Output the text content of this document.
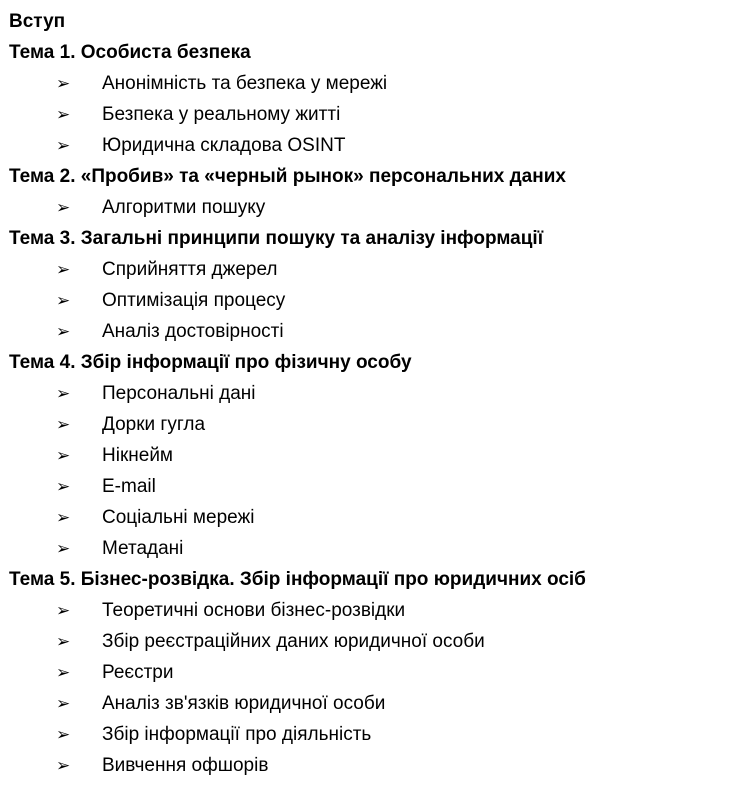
Вступ
Тема 1. Особиста безпека
➢ Анонімність та безпека у мережі
➢ Безпека у реальному житті
➢ Юридична складова OSINT
Тема 2. «Пробив» та «черный рынок» персональних даних
➢ Алгоритми пошуку
Тема 3. Загальні принципи пошуку та аналізу інформації
➢ Сприйняття джерел
➢ Оптимізація процесу
➢ Аналіз достовірності
Тема 4. Збір інформації про фізичну особу
➢ Персональні дані
➢ Дорки гугла
➢ Нікнейм
➢ E-mail
➢ Соціальні мережі
➢ Метадані
Тема 5. Бізнес-розвідка. Збір інформації про юридичних осіб
➢ Теоретичні основи бізнес-розвідки
➢ Збір реєстраційних даних юридичної особи
➢ Реєстри
➢ Аналіз зв'язків юридичної особи
➢ Збір інформації про діяльність
➢ Вивчення офшорів
